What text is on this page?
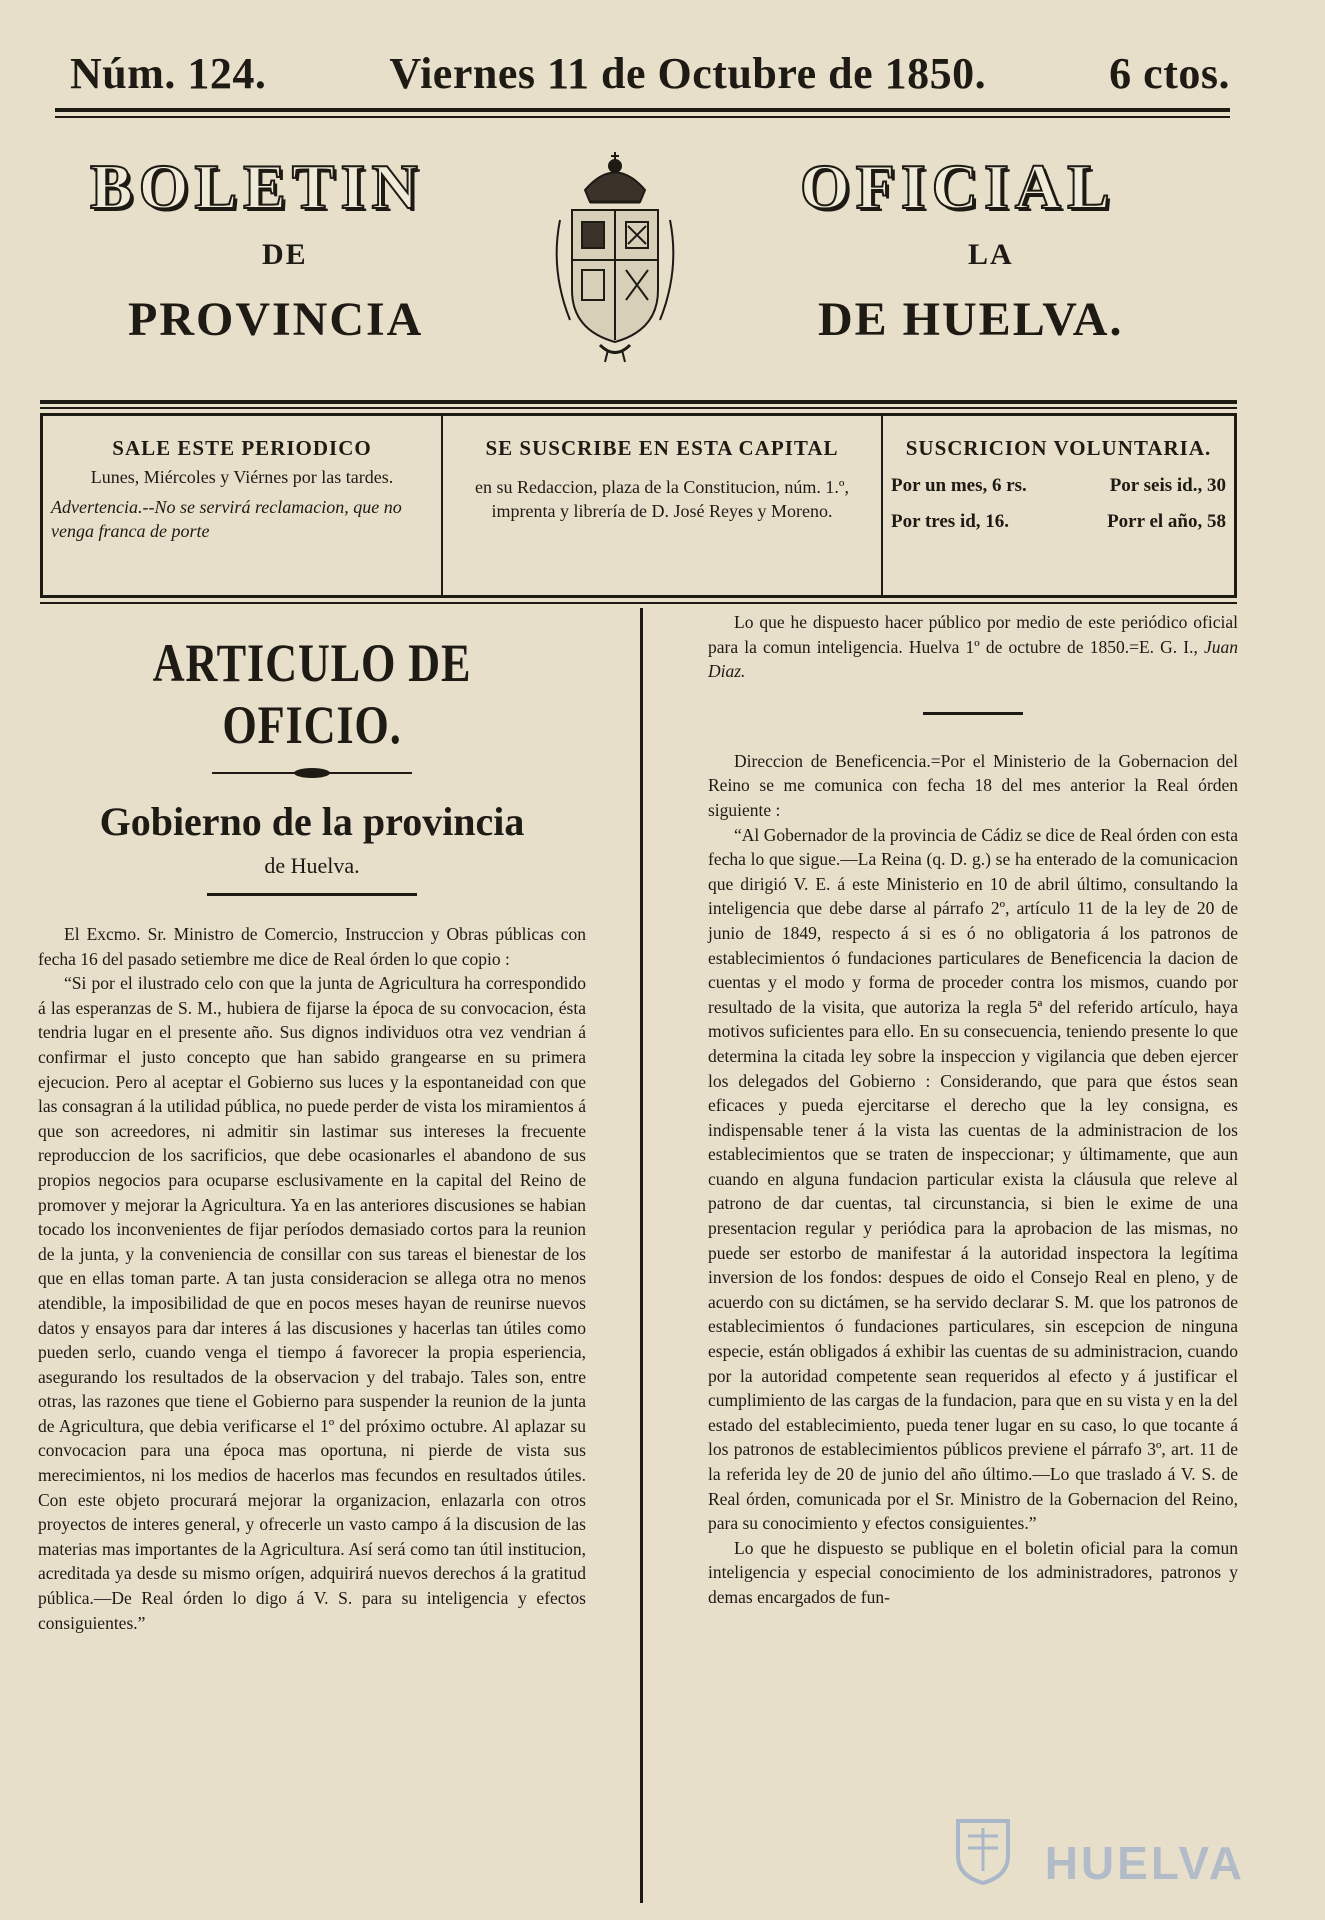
Núm. 124.	Viernes 11 de Octubre de 1850.	6 ctos.
BOLETIN	OFICIAL
DE	LA
PROVINCIA	DE HUELVA.
SALE ESTE PERIODICO
Lunes, Miércoles y Viérnes por las tardes.
Advertencia.--No se servirá reclamacion, que no venga franca de porte
SE SUSCRIBE EN ESTA CAPITAL
en su Redaccion, plaza de la Constitucion, núm. 1.º, imprenta y librería de D. José Reyes y Moreno.
SUSCRICION VOLUNTARIA.
Por un mes, 6 rs.	Por seis id., 30
Por tres id, 16.	Porr el año, 58
ARTICULO DE OFICIO.
Gobierno de la provincia
de Huelva.

El Excmo. Sr. Ministro de Comercio, Instruccion y Obras públicas con fecha 16 del pasado setiembre me dice de Real órden lo que copio :

“Si por el ilustrado celo con que la junta de Agricultura ha correspondido á las esperanzas de S. M., hubiera de fijarse la época de su convocacion, ésta tendria lugar en el presente año. Sus dignos individuos otra vez vendrian á confirmar el justo concepto que han sabido grangearse en su primera ejecucion. Pero al aceptar el Gobierno sus luces y la espontaneidad con que las consagran á la utilidad pública, no puede perder de vista los miramientos á que son acreedores, ni admitir sin lastimar sus intereses la frecuente reproduccion de los sacrificios, que debe ocasionarles el abandono de sus propios negocios para ocuparse esclusivamente en la capital del Reino de promover y mejorar la Agricultura. Ya en las anteriores discusiones se habian tocado los inconvenientes de fijar períodos demasiado cortos para la reunion de la junta, y la conveniencia de consillar con sus tareas el bienestar de los que en ellas toman parte. A tan justa consideracion se allega otra no menos atendible, la imposibilidad de que en pocos meses hayan de reunirse nuevos datos y ensayos para dar interes á las discusiones y hacerlas tan útiles como pueden serlo, cuando venga el tiempo á favorecer la propia esperiencia, asegurando los resultados de la observacion y del trabajo. Tales son, entre otras, las razones que tiene el Gobierno para suspender la reunion de la junta de Agricultura, que debia verificarse el 1º del próximo octubre. Al aplazar su convocacion para una época mas oportuna, ni pierde de vista sus merecimientos, ni los medios de hacerlos mas fecundos en resultados útiles. Con este objeto procurará mejorar la organizacion, enlazarla con otros proyectos de interes general, y ofrecerle un vasto campo á la discusion de las materias mas importantes de la Agricultura. Así será como tan útil institucion, acreditada ya desde su mismo orígen, adquirirá nuevos derechos á la gratitud pública.—De Real órden lo digo á V. S. para su inteligencia y efectos consiguientes.”

Lo que he dispuesto hacer público por medio de este periódico oficial para la comun inteligencia. Huelva 1º de octubre de 1850.=E. G. I., Juan Diaz.

Direccion de Beneficencia.=Por el Ministerio de la Gobernacion del Reino se me comunica con fecha 18 del mes anterior la Real órden siguiente :

“Al Gobernador de la provincia de Cádiz se dice de Real órden con esta fecha lo que sigue.—La Reina (q. D. g.) se ha enterado de la comunicacion que dirigió V. E. á este Ministerio en 10 de abril último, consultando la inteligencia que debe darse al párrafo 2º, artículo 11 de la ley de 20 de junio de 1849, respecto á si es ó no obligatoria á los patronos de establecimientos ó fundaciones particulares de Beneficencia la dacion de cuentas y el modo y forma de proceder contra los mismos, cuando por resultado de la visita, que autoriza la regla 5ª del referido artículo, haya motivos suficientes para ello. En su consecuencia, teniendo presente lo que determina la citada ley sobre la inspeccion y vigilancia que deben ejercer los delegados del Gobierno : Considerando, que para que éstos sean eficaces y pueda ejercitarse el derecho que la ley consigna, es indispensable tener á la vista las cuentas de la administracion de los establecimientos que se traten de inspeccionar; y últimamente, que aun cuando en alguna fundacion particular exista la cláusula que releve al patrono de dar cuentas, tal circunstancia, si bien le exime de una presentacion regular y periódica para la aprobacion de las mismas, no puede ser estorbo de manifestar á la autoridad inspectora la legítima inversion de los fondos: despues de oido el Consejo Real en pleno, y de acuerdo con su dictámen, se ha servido declarar S. M. que los patronos de establecimientos ó fundaciones particulares, sin escepcion de ninguna especie, están obligados á exhibir las cuentas de su administracion, cuando por la autoridad competente sean requeridos al efecto y á justificar el cumplimiento de las cargas de la fundacion, para que en su vista y en la del estado del establecimiento, pueda tener lugar en su caso, lo que tocante á los patronos de establecimientos públicos previene el párrafo 3º, art. 11 de la referida ley de 20 de junio del año último.—Lo que traslado á V. S. de Real órden, comunicada por el Sr. Ministro de la Gobernacion del Reino, para su conocimiento y efectos consiguientes.”

Lo que he dispuesto se publique en el boletin oficial para la comun inteligencia y especial conocimiento de los administradores, patronos y demas encargados de fun-

HUELVA
